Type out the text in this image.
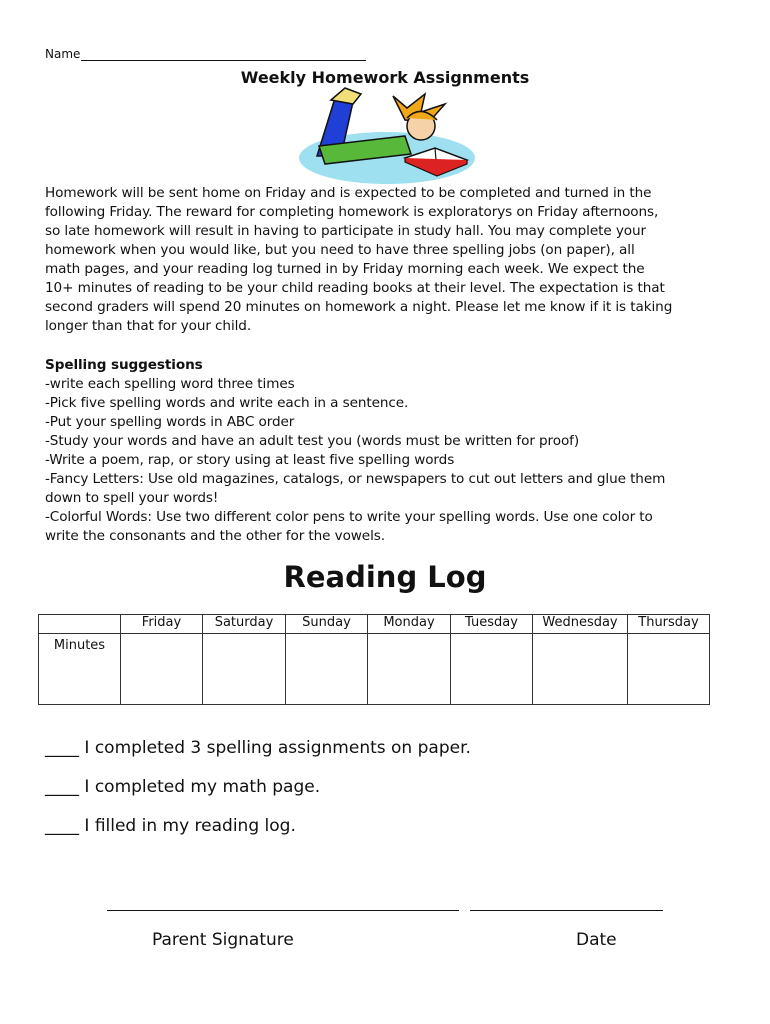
Name
Weekly Homework Assignments
Homework will be sent home on Friday and is expected to be completed and turned in the
following Friday. The reward for completing homework is exploratorys on Friday afternoons,
so late homework will result in having to participate in study hall. You may complete your
homework when you would like, but you need to have three spelling jobs (on paper), all
math pages, and your reading log turned in by Friday morning each week. We expect the
10+ minutes of reading to be your child reading books at their level. The expectation is that
second graders will spend 20 minutes on homework a night. Please let me know if it is taking
longer than that for your child.
Spelling suggestions
-write each spelling word three times
-Pick five spelling words and write each in a sentence.
-Put your spelling words in ABC order
-Study your words and have an adult test you (words must be written for proof)
-Write a poem, rap, or story using at least five spelling words
-Fancy Letters: Use old magazines, catalogs, or newspapers to cut out letters and glue them
down to spell your words!
-Colorful Words: Use two different color pens to write your spelling words. Use one color to
write the consonants and the other for the vowels.
Reading Log
	Friday	Saturday	Sunday	Monday	Tuesday	Wednesday	Thursday
Minutes							
____ I completed 3 spelling assignments on paper.
____ I completed my math page.
____ I filled in my reading log.
Parent Signature	Date
